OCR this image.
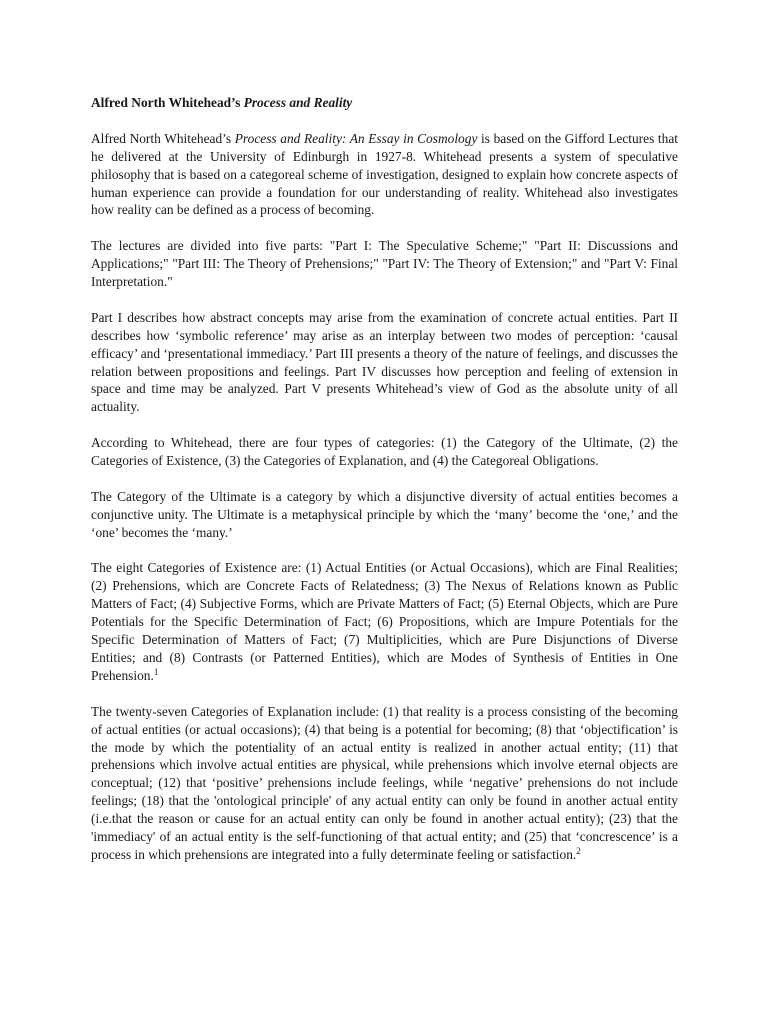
Alfred North Whitehead’s Process and Reality

Alfred North Whitehead’s Process and Reality: An Essay in Cosmology is based on the Gifford Lectures that he delivered at the University of Edinburgh in 1927-8. Whitehead presents a system of speculative philosophy that is based on a categoreal scheme of investigation, designed to explain how concrete aspects of human experience can provide a foundation for our understanding of reality. Whitehead also investigates how reality can be defined as a process of becoming.

The lectures are divided into five parts: "Part I: The Speculative Scheme;" "Part II: Discussions and Applications;" "Part III: The Theory of Prehensions;" "Part IV: The Theory of Extension;" and "Part V: Final Interpretation."

Part I describes how abstract concepts may arise from the examination of concrete actual entities. Part II describes how ‘symbolic reference’ may arise as an interplay between two modes of perception: ‘causal efficacy’ and ‘presentational immediacy.’ Part III presents a theory of the nature of feelings, and discusses the relation between propositions and feelings. Part IV discusses how perception and feeling of extension in space and time may be analyzed. Part V presents Whitehead’s view of God as the absolute unity of all actuality.

According to Whitehead, there are four types of categories: (1) the Category of the Ultimate, (2) the Categories of Existence, (3) the Categories of Explanation, and (4) the Categoreal Obligations.

The Category of the Ultimate is a category by which a disjunctive diversity of actual entities becomes a conjunctive unity. The Ultimate is a metaphysical principle by which the ‘many’ become the ‘one,’ and the ‘one’ becomes the ‘many.’

The eight Categories of Existence are: (1) Actual Entities (or Actual Occasions), which are Final Realities; (2) Prehensions, which are Concrete Facts of Relatedness; (3) The Nexus of Relations known as Public Matters of Fact; (4) Subjective Forms, which are Private Matters of Fact; (5) Eternal Objects, which are Pure Potentials for the Specific Determination of Fact; (6) Propositions, which are Impure Potentials for the Specific Determination of Matters of Fact; (7) Multiplicities, which are Pure Disjunctions of Diverse Entities; and (8) Contrasts (or Patterned Entities), which are Modes of Synthesis of Entities in One Prehension.$^1$

The twenty-seven Categories of Explanation include: (1) that reality is a process consisting of the becoming of actual entities (or actual occasions); (4) that being is a potential for becoming; (8) that ‘objectification’ is the mode by which the potentiality of an actual entity is realized in another actual entity; (11) that prehensions which involve actual entities are physical, while prehensions which involve eternal objects are conceptual; (12) that ‘positive’ prehensions include feelings, while ‘negative’ prehensions do not include feelings; (18) that the 'ontological principle' of any actual entity can only be found in another actual entity (i.e.that the reason or cause for an actual entity can only be found in another actual entity); (23) that the 'immediacy' of an actual entity is the self-functioning of that actual entity; and (25) that ‘concrescence’ is a process in which prehensions are integrated into a fully determinate feeling or satisfaction.$^2$
